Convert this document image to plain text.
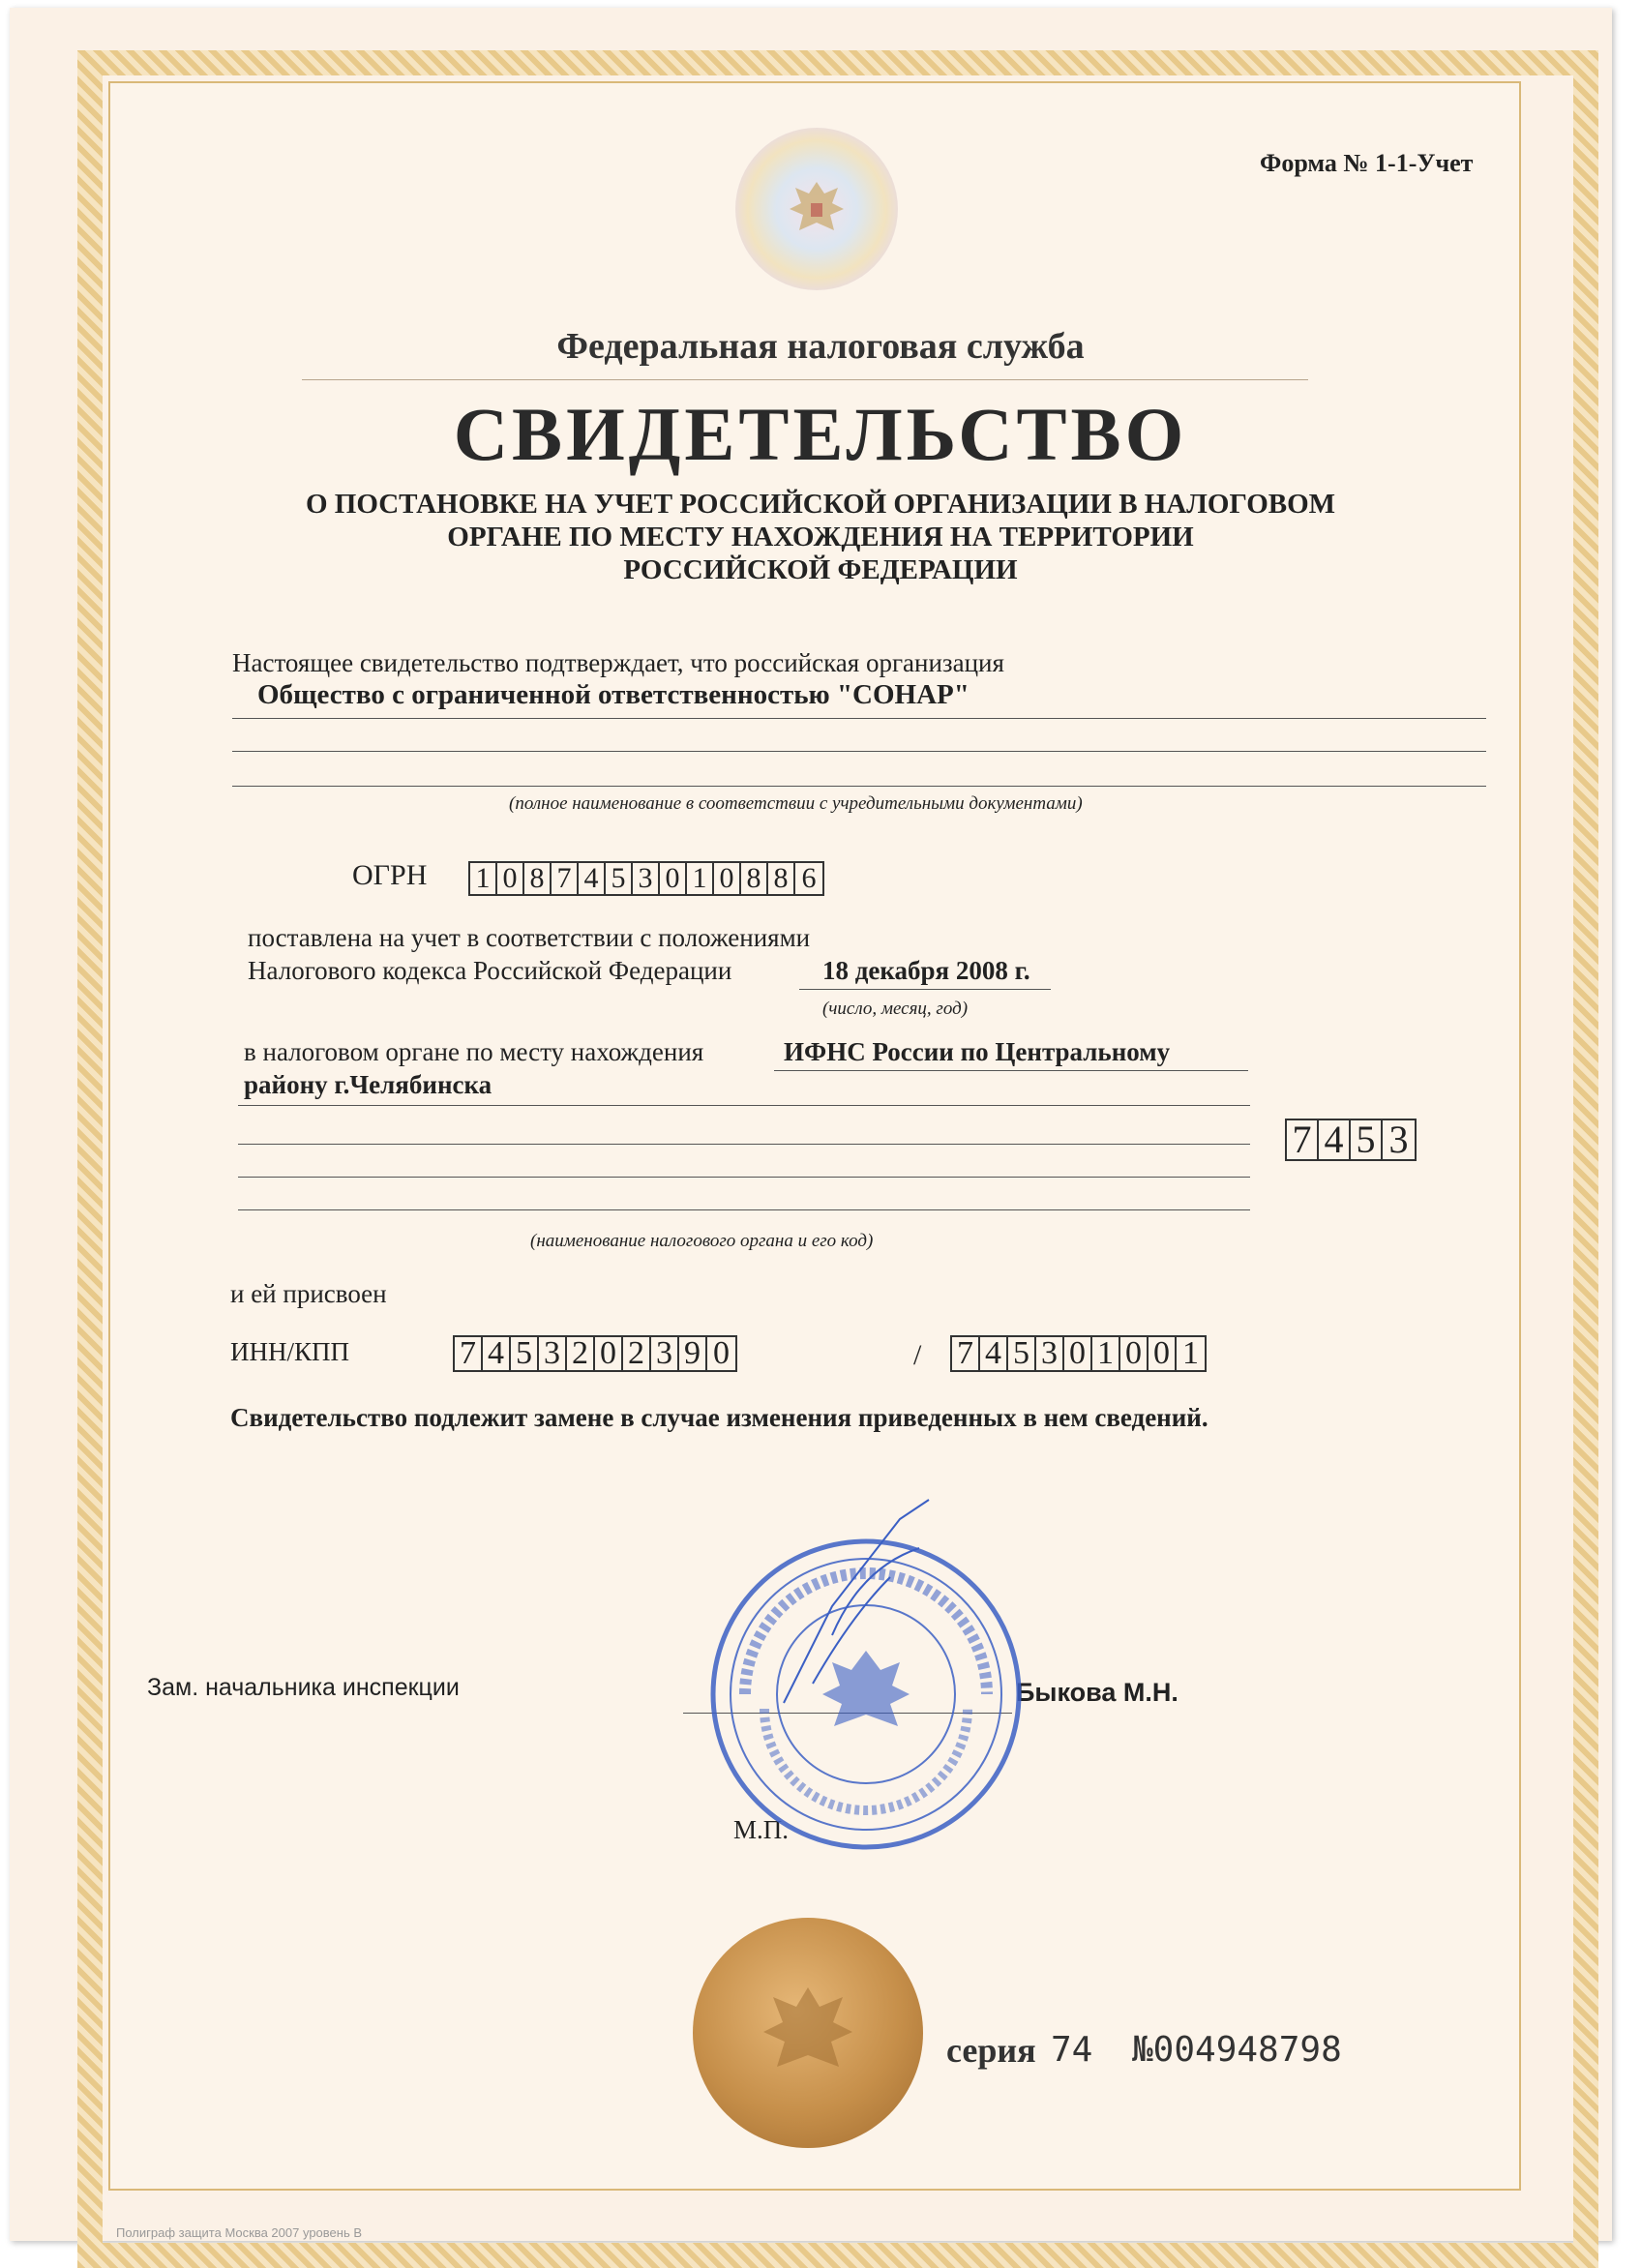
Форма № 1-1-Учет
Федеральная налоговая служба
СВИДЕТЕЛЬСТВО
О ПОСТАНОВКЕ НА УЧЕТ РОССИЙСКОЙ ОРГАНИЗАЦИИ В НАЛОГОВОМ
ОРГАНЕ ПО МЕСТУ НАХОЖДЕНИЯ НА ТЕРРИТОРИИ
РОССИЙСКОЙ ФЕДЕРАЦИИ
Настоящее свидетельство подтверждает, что российская организация
Общество с ограниченной ответственностью "СОНАР"
(полное наименование в соответствии с учредительными документами)
ОГРН 1 0 8 7 4 5 3 0 1 0 8 8 6
поставлена на учет в соответствии с положениями
Налогового кодекса Российской Федерации	18 декабря 2008 г.
(число, месяц, год)
в налоговом органе по месту нахождения	ИФНС России по Центральному
району г.Челябинска
7 4 5 3
(наименование налогового органа и его код)
и ей присвоен
ИНН/КПП	7 4 5 3 2 0 2 3 9 0	/ 7 4 5 3 0 1 0 0 1
Свидетельство подлежит замене в случае изменения приведенных в нем сведений.
Зам. начальника инспекции	Быкова М.Н.
М.П.
серия 74 №004948798
Полиграф защита Москва 2007 уровень В
